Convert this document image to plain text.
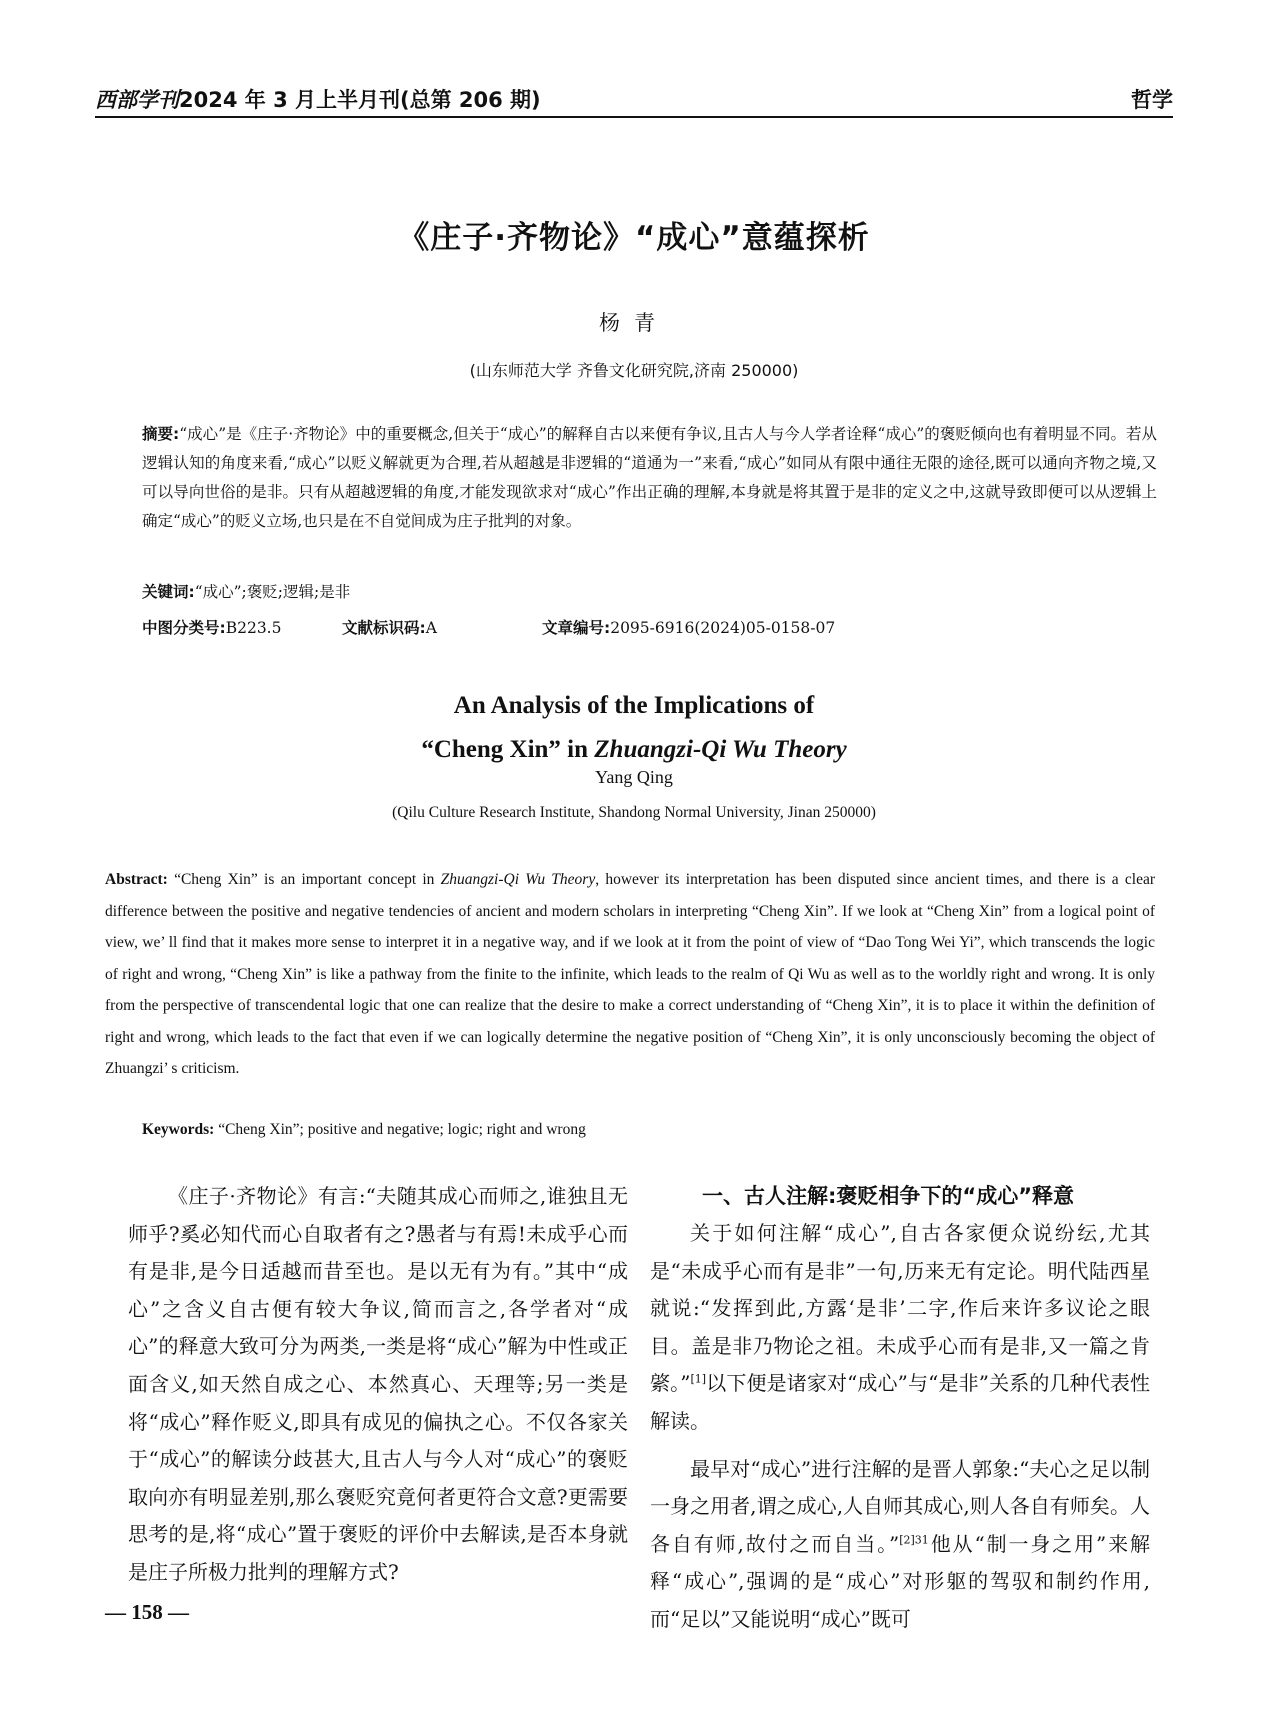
西部学刊2024 年 3 月上半月刊(总第 206 期)	哲学
《庄子·齐物论》“成心”意蕴探析
杨青
(山东师范大学 齐鲁文化研究院,济南 250000)
摘要:“成心”是《庄子·齐物论》中的重要概念,但关于“成心”的解释自古以来便有争议,且古人与今人学者诠释“成心”的褒贬倾向也有着明显不同。若从逻辑认知的角度来看,“成心”以贬义解就更为合理,若从超越是非逻辑的“道通为一”来看,“成心”如同从有限中通往无限的途径,既可以通向齐物之境,又可以导向世俗的是非。只有从超越逻辑的角度,才能发现欲求对“成心”作出正确的理解,本身就是将其置于是非的定义之中,这就导致即便可以从逻辑上确定“成心”的贬义立场,也只是在不自觉间成为庄子批判的对象。
关键词:“成心”;褒贬;逻辑;是非
中图分类号:B223.5	文献标识码:A	文章编号:2095-6916(2024)05-0158-07
An Analysis of the Implications of
“Cheng Xin” in Zhuangzi-Qi Wu Theory
Yang Qing
(Qilu Culture Research Institute, Shandong Normal University, Jinan 250000)
Abstract: “Cheng Xin” is an important concept in Zhuangzi-Qi Wu Theory, however its interpretation has been disputed since ancient times, and there is a clear difference between the positive and negative tendencies of ancient and modern scholars in interpreting “Cheng Xin”. If we look at “Cheng Xin” from a logical point of view, we’ ll find that it makes more sense to interpret it in a negative way, and if we look at it from the point of view of “Dao Tong Wei Yi”, which transcends the logic of right and wrong, “Cheng Xin” is like a pathway from the finite to the infinite, which leads to the realm of Qi Wu as well as to the worldly right and wrong. It is only from the perspective of transcendental logic that one can realize that the desire to make a correct understanding of “Cheng Xin”, it is to place it within the definition of right and wrong, which leads to the fact that even if we can logically determine the negative position of “Cheng Xin”, it is only unconsciously becoming the object of Zhuangzi’ s criticism.
Keywords: “Cheng Xin”; positive and negative; logic; right and wrong

《庄子·齐物论》有言:“夫随其成心而师之,谁独且无师乎?奚必知代而心自取者有之?愚者与有焉!未成乎心而有是非,是今日适越而昔至也。是以无有为有。”其中“成心”之含义自古便有较大争议,简而言之,各学者对“成心”的释意大致可分为两类,一类是将“成心”解为中性或正面含义,如天然自成之心、本然真心、天理等;另一类是将“成心”释作贬义,即具有成见的偏执之心。不仅各家关于“成心”的解读分歧甚大,且古人与今人对“成心”的褒贬取向亦有明显差别,那么褒贬究竟何者更符合文意?更需要思考的是,将“成心”置于褒贬的评价中去解读,是否本身就是庄子所极力批判的理解方式?

一、古人注解:褒贬相争下的“成心”释意

关于如何注解“成心”,自古各家便众说纷纭,尤其是“未成乎心而有是非”一句,历来无有定论。明代陆西星就说:“发挥到此,方露‘是非’二字,作后来许多议论之眼目。盖是非乃物论之祖。未成乎心而有是非,又一篇之肯綮。”[1]以下便是诸家对“成心”与“是非”关系的几种代表性解读。

最早对“成心”进行注解的是晋人郭象:“夫心之足以制一身之用者,谓之成心,人自师其成心,则人各自有师矣。人各自有师,故付之而自当。”$^{[2]31}$他从“制一身之用”来解释“成心”,强调的是“成心”对形躯的驾驭和制约作用,而“足以”又能说明“成心”既可

— 158 —
